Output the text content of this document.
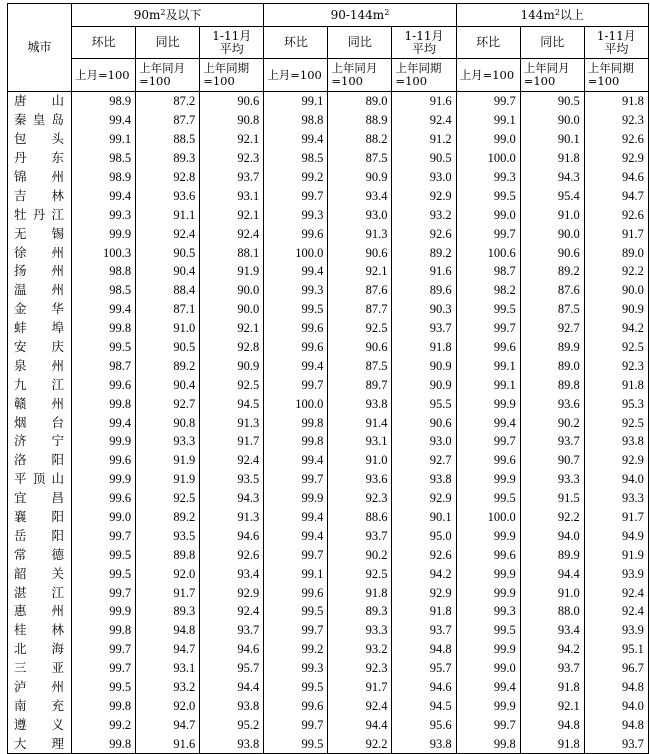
城市	$90m^2$及以下			$90-144m^2$			$144m^2$以上		
	环比	同比	1-11月平均	环比	同比	1-11月平均	环比	同比	1-11月平均
	上月=100	上年同月=100	上年同期=100	上月=100	上年同月=100	上年同期=100	上月=100	上年同月=100	上年同期=100

唐 山	98.9	87.2	90.6	99.1	89.0	91.6	99.7	90.5	91.8

秦 皇 岛	99.4	87.7	90.8	98.8	88.9	92.4	99.1	90.0	92.3

包 头	99.1	88.5	92.1	99.4	88.2	91.2	99.0	90.1	92.6

丹 东	98.5	89.3	92.3	98.5	87.5	90.5	100.0	91.8	92.9

锦 州	98.9	92.8	93.7	99.2	90.9	93.0	99.3	94.3	94.6

吉 林	99.4	93.6	93.1	99.7	93.4	92.9	99.5	95.4	94.7

牡 丹 江	99.3	91.1	92.1	99.3	93.0	93.2	99.0	91.0	92.6

无 锡	99.9	92.4	92.4	99.6	91.3	92.6	99.7	90.0	91.7

徐 州	100.3	90.5	88.1	100.0	90.6	89.2	100.6	90.6	89.0

扬 州	98.8	90.4	91.9	99.4	92.1	91.6	98.7	89.2	92.2

温 州	98.5	88.4	90.0	99.3	87.6	89.6	98.2	87.6	90.0

金 华	99.4	87.1	90.0	99.5	87.7	90.3	99.5	87.5	90.9

蚌 埠	99.8	91.0	92.1	99.6	92.5	93.7	99.7	92.7	94.2

安 庆	99.5	90.5	92.8	99.6	90.6	91.8	99.6	89.9	92.5

泉 州	98.7	89.2	90.9	99.4	87.5	90.9	99.1	89.0	92.3

九 江	99.6	90.4	92.5	99.7	89.7	90.9	99.1	89.8	91.8

赣 州	99.8	92.7	94.5	100.0	93.8	95.5	99.9	93.6	95.3

烟 台	99.4	90.8	91.3	99.8	91.4	90.6	99.4	90.2	92.5

济 宁	99.9	93.3	91.7	99.8	93.1	93.0	99.7	93.7	93.8

洛 阳	99.6	91.9	92.4	99.4	91.0	92.7	99.6	90.7	92.9

平 顶 山	99.9	91.9	93.5	99.7	93.6	93.8	99.9	93.3	94.0

宜 昌	99.6	92.5	94.3	99.9	92.3	92.9	99.5	91.5	93.3

襄 阳	99.0	89.2	91.3	99.4	88.6	90.1	100.0	92.2	91.7

岳 阳	99.7	93.5	94.6	99.4	93.7	95.0	99.9	94.0	94.9

常 德	99.5	89.8	92.6	99.7	90.2	92.6	99.6	89.9	91.9

韶 关	99.5	92.0	93.4	99.1	92.5	94.2	99.9	94.4	93.9

湛 江	99.7	91.7	92.9	99.6	91.8	92.9	99.9	91.0	92.4

惠 州	99.9	89.3	92.4	99.5	89.3	91.8	99.3	88.0	92.4

桂 林	99.8	94.8	93.7	99.7	93.3	93.7	99.5	93.4	93.9

北 海	99.7	94.7	94.6	99.2	93.2	94.8	99.9	94.2	95.1

三 亚	99.7	93.1	95.7	99.3	92.3	95.7	99.0	93.7	96.7

泸 州	99.5	93.2	94.4	99.5	91.7	94.6	99.4	91.8	94.8

南 充	99.8	92.0	93.8	99.6	92.4	94.5	99.9	92.1	94.0

遵 义	99.2	94.7	95.2	99.7	94.4	95.6	99.7	94.8	94.8

大 理	99.8	91.6	93.8	99.5	92.2	93.8	99.8	91.8	93.7
